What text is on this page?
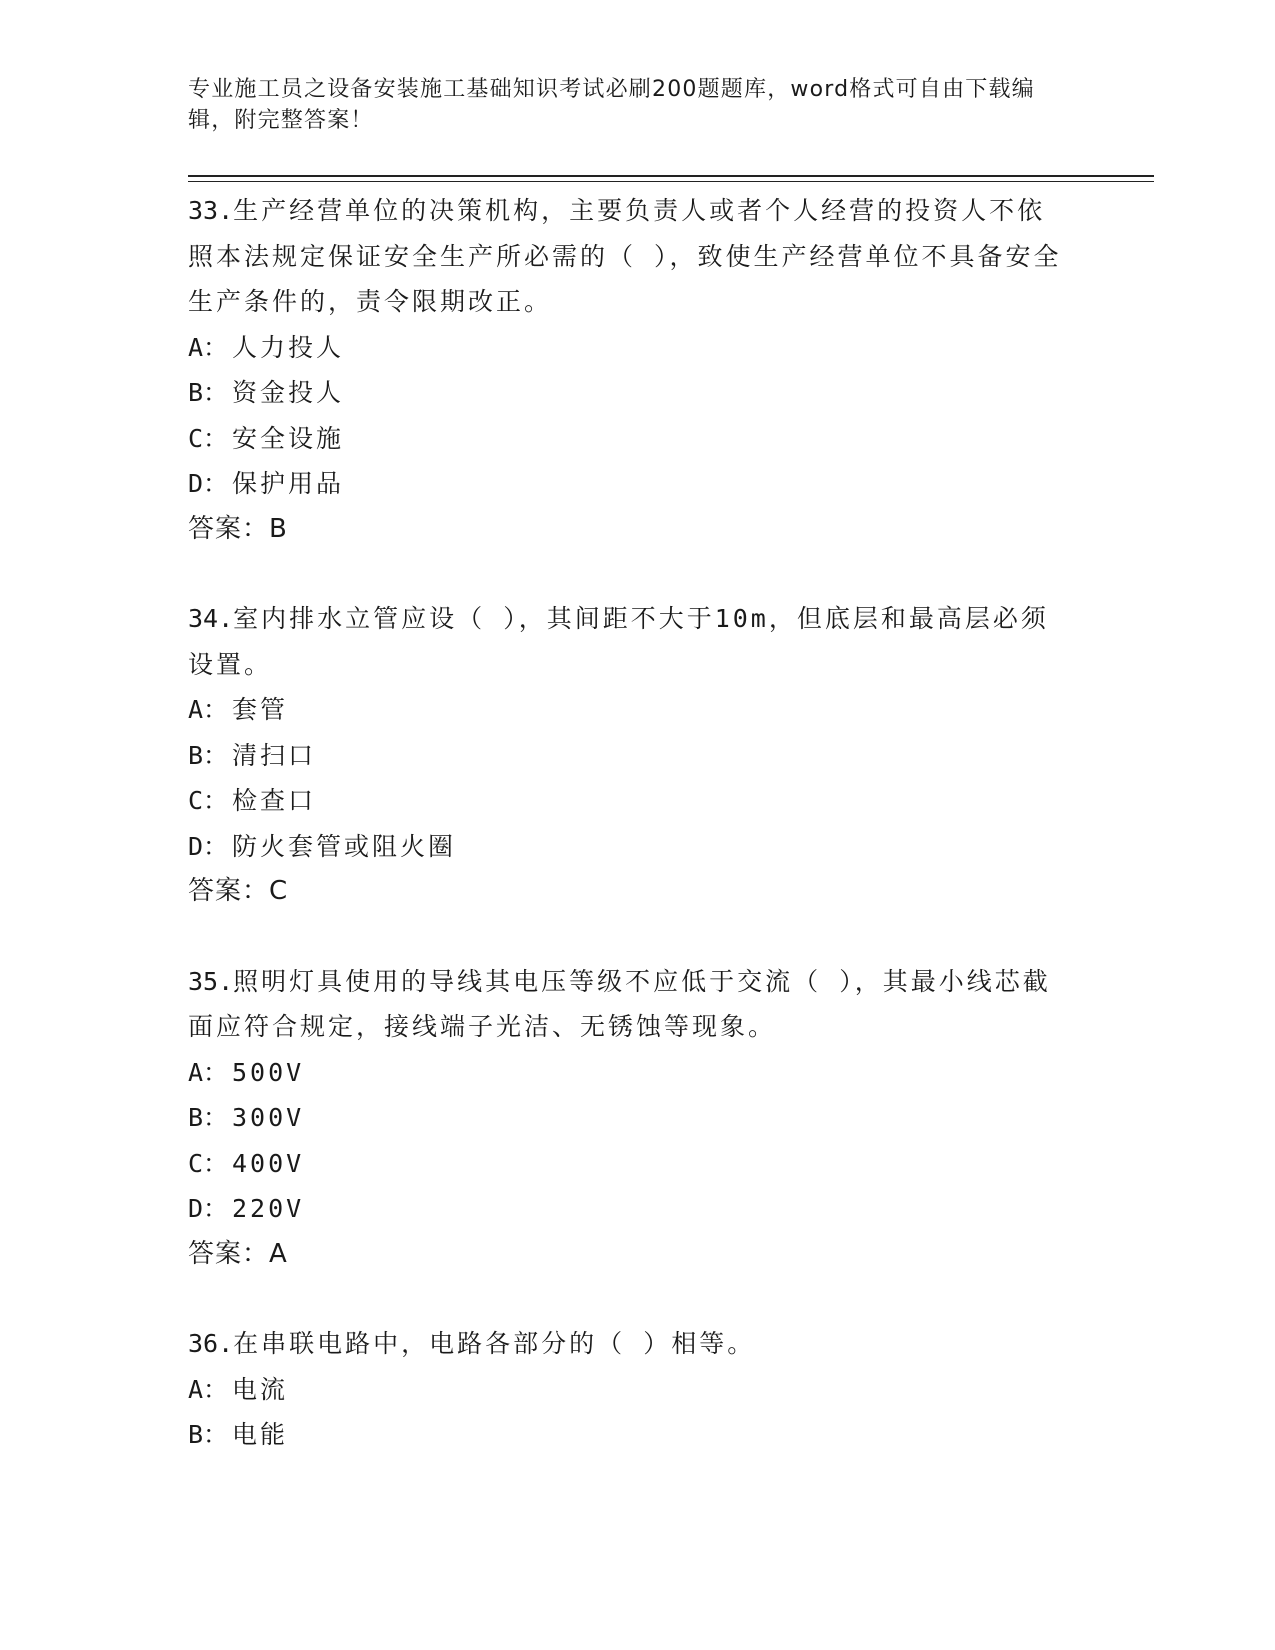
专业施工员之设备安装施工基础知识考试必刷200题题库，word格式可自由下载编辑，附完整答案！
33.生产经营单位的决策机构，主要负责人或者个人经营的投资人不依照本法规定保证安全生产所必需的（ ），致使生产经营单位不具备安全生产条件的，责令限期改正。
A： 人力投人
B： 资金投人
C： 安全设施
D： 保护用品
答案：B
34.室内排水立管应设（ ），其间距不大于10m，但底层和最高层必须设置。
A： 套管
B： 清扫口
C： 检查口
D： 防火套管或阻火圈
答案：C
35.照明灯具使用的导线其电压等级不应低于交流（ ），其最小线芯截面应符合规定，接线端子光洁、无锈蚀等现象。
A： 500V
B： 300V
C： 400V
D： 220V
答案：A
36.在串联电路中，电路各部分的（ ）相等。
A： 电流
B： 电能
